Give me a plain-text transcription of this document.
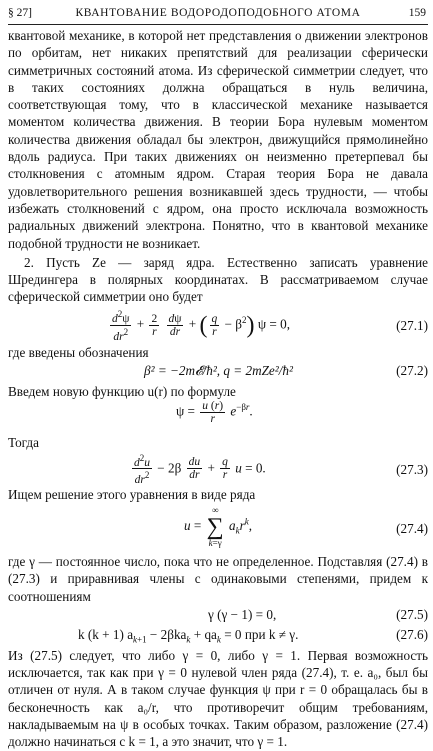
§ 27]	КВАНТОВАНИЕ ВОДОРОДОПОДОБНОГО АТОМА	159

квантовой механике, в которой нет представления о движении электронов по орбитам, нет никаких препятствий для реализации сферически симметричных состояний атома. Из сферической симметрии следует, что в таких состояниях должна обращаться в нуль величина, соответствующая тому, что в классической механике называется моментом количества движения. В теории Бора нулевым моментом количества движения обладал бы электрон, движущийся прямолинейно вдоль радиуса. При таких движениях он неизменно претерпевал бы столкновения с атомным ядром. Старая теория Бора не давала удовлетворительного решения возникавшей здесь трудности, — чтобы избежать столкновений с ядром, она просто исключала возможность радиальных движений электрона. Понятно, что в квантовой механике подобной трудности не возникает.

2. Пусть Ze — заряд ядра. Естественно записать уравнение Шредингера в полярных координатах. В рассматриваемом случае сферической симметрии оно будет

$\frac{d^2\psi}{dr^2} + \frac{2}{r}$
$\frac{d\psi}{dr}$ + ( $\frac{q}{r} - \beta^2$) ψ = 0,	(27.1)

где введены обозначения

β² = −2m𝓔/ħ², q = 2mZe²/ħ²	(27.2)

Введем новую функцию u(r) по формуле

$\psi = \frac{u (r)}{r} e^{-\beta r}$.

Тогда

$\frac{d^2u}{dr^2} - 2\beta \frac{du}{dr} + \frac{q}{r}$ u = 0.	(27.3)

Ищем решение этого уравнения в виде ряда

u =
∞
∑
k=γ
$a_kr^k$,	(27.4)

где γ — постоянное число, пока что не определенное. Подставляя (27.4) в (27.3) и приравнивая члены с одинаковыми степенями, придем к соотношениям

γ (γ − 1) = 0,	(27.5)
k (k + 1) $a_{k+1} - 2\beta ka_k + qa_k = 0$ при k ≠ γ.	(27.6)

Из (27.5) следует, что либо γ = 0, либо γ = 1. Первая возможность исключается, так как при γ = 0 нулевой член ряда (27.4), т. е. a₀, был бы отличен от нуля. А в таком случае функция ψ при r = 0 обращалась бы в бесконечность как a₀/r, что противоречит общим требованиям, накладываемым на ψ в особых точках. Таким образом, разложение (27.4) должно начинаться с k = 1, а это значит, что γ = 1.
